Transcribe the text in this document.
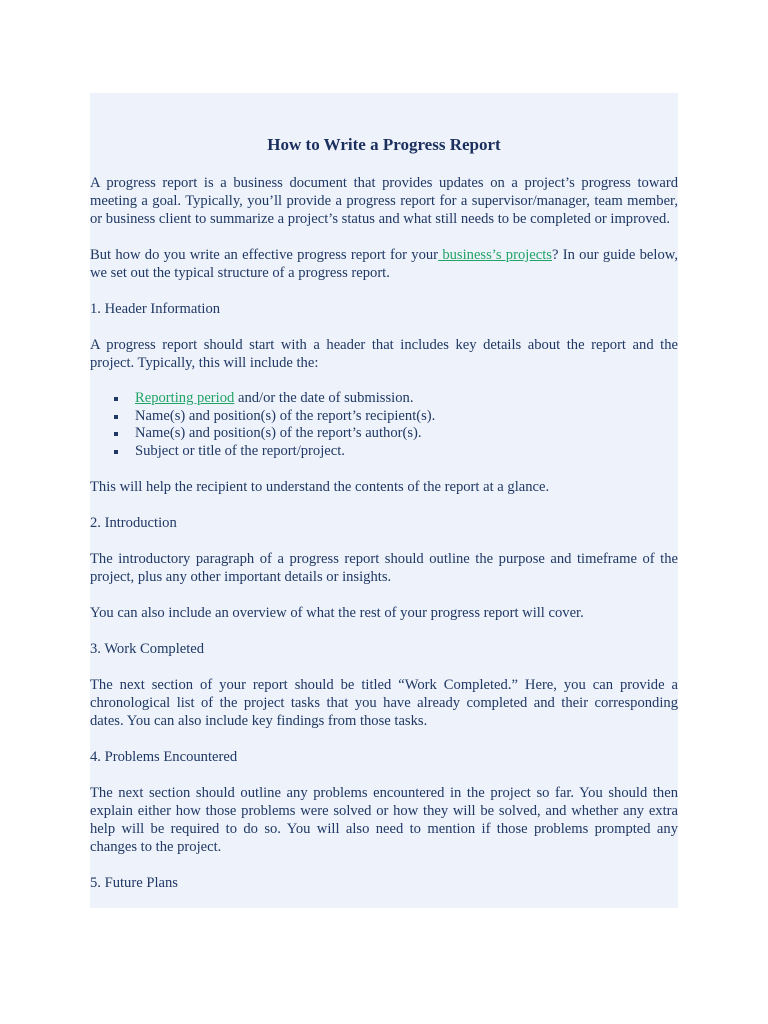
How to Write a Progress Report

A progress report is a business document that provides updates on a project’s progress toward meeting a goal. Typically, you’ll provide a progress report for a supervisor/manager, team member, or business client to summarize a project’s status and what still needs to be completed or improved.

But how do you write an effective progress report for your business’s projects? In our guide below, we set out the typical structure of a progress report.

1. Header Information

A progress report should start with a header that includes key details about the report and the project. Typically, this will include the:

Reporting period and/or the date of submission.
Name(s) and position(s) of the report’s recipient(s).
Name(s) and position(s) of the report’s author(s).
Subject or title of the report/project.

This will help the recipient to understand the contents of the report at a glance.

2. Introduction

The introductory paragraph of a progress report should outline the purpose and timeframe of the project, plus any other important details or insights.

You can also include an overview of what the rest of your progress report will cover.

3. Work Completed

The next section of your report should be titled “Work Completed.” Here, you can provide a chronological list of the project tasks that you have already completed and their corresponding dates. You can also include key findings from those tasks.

4. Problems Encountered

The next section should outline any problems encountered in the project so far. You should then explain either how those problems were solved or how they will be solved, and whether any extra help will be required to do so. You will also need to mention if those problems prompted any changes to the project.

5. Future Plans
